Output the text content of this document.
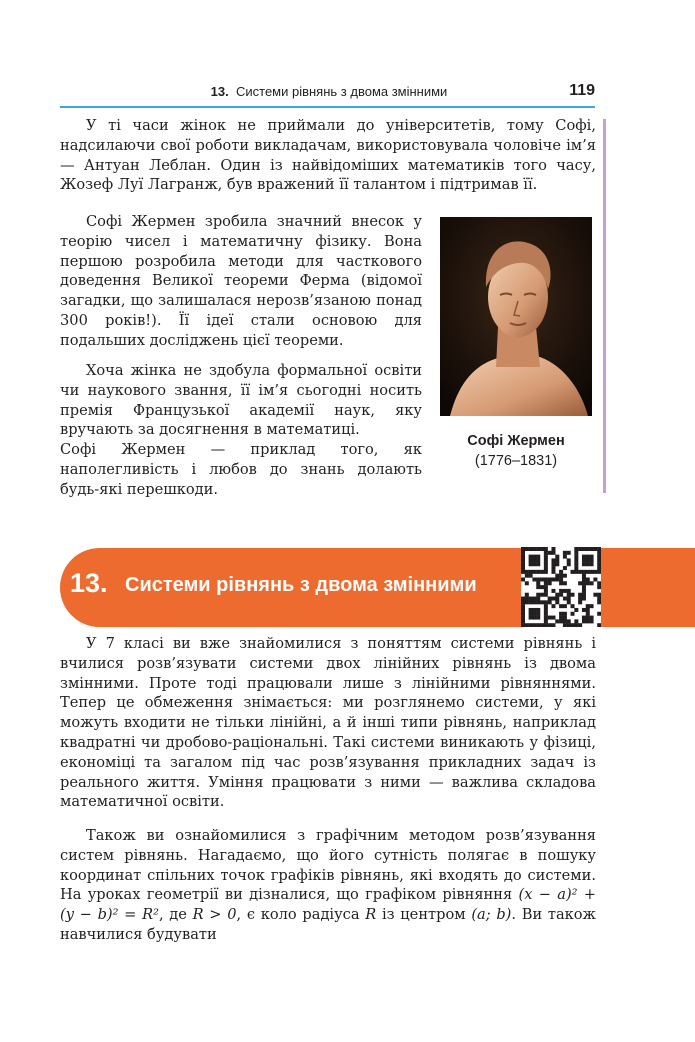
13. Системи рівнянь з двома змінними	119

У ті часи жінок не приймали до університетів, тому Софі, надсилаючи свої роботи викладачам, використовувала чоловіче ім’я — Антуан Леблан. Один із найвідоміших математиків того часу, Жозеф Луї Лагранж, був вражений її талантом і підтримав її.

Софі Жермен зробила значний внесок у теорію чисел і математичну фізику. Вона першою розробила методи для часткового доведення Великої теореми Ферма (відомої загадки, що залишалася нерозв’язаною понад 300 років!). Її ідеї стали основою для подальших досліджень цієї теореми.

Хоча жінка не здобула формальної освіти чи наукового звання, її ім’я сьогодні носить премія Французької академії наук, яку вручають за досягнення в математиці.

Софі Жермен — приклад того, як наполегливість і любов до знань долають будь-які перешкоди.

Софі Жермен
(1776–1831)
13. Системи рівнянь з двома змінними

У 7 класі ви вже знайомилися з поняттям системи рівнянь і вчилися розв’язувати системи двох лінійних рівнянь із двома змінними. Проте тоді працювали лише з лінійними рівняннями. Тепер це обмеження знімається: ми розглянемо системи, у які можуть входити не тільки лінійні, а й інші типи рівнянь, наприклад квадратні чи дробово-раціональні. Такі системи виникають у фізиці, економіці та загалом під час розв’язування прикладних задач із реального життя. Уміння працювати з ними — важлива складова математичної освіти.

Також ви ознайомилися з графічним методом розв’язування систем рівнянь. Нагадаємо, що його сутність полягає в пошуку координат спільних точок графіків рівнянь, які входять до системи. На уроках геометрії ви дізналися, що графіком рівняння (x − a)² + (y − b)² = R², де R > 0, є коло радіуса R із центром (a; b). Ви також навчилися будувати
